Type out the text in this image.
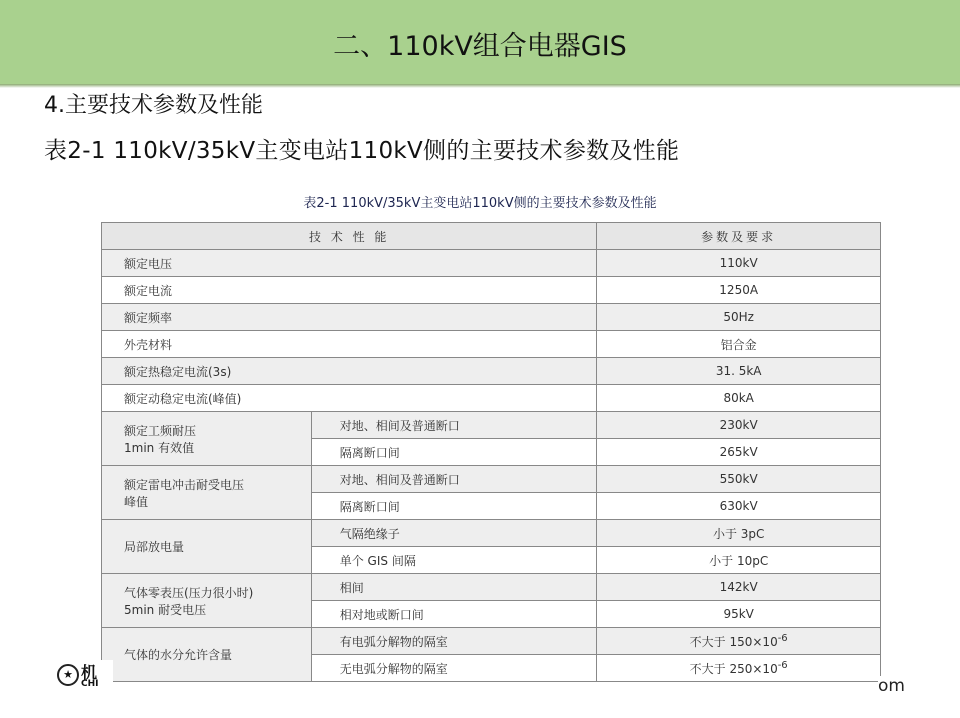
二、110kV组合电器GIS
4.主要技术参数及性能
表2-1 110kV/35kV主变电站110kV侧的主要技术参数及性能
表2-1 110kV/35kV主变电站110kV侧的主要技术参数及性能
技 术 性 能		参数及要求
额定电压		110kV
额定电流		1250A
额定频率		50Hz
外壳材料		铝合金
额定热稳定电流(3s)		31. 5kA
额定动稳定电流(峰值)		80kA

额定工频耐压
1min 有效值	对地、相间及普通断口	230kV
	隔离断口间	265kV

额定雷电冲击耐受电压
峰值	对地、相间及普通断口	550kV
	隔离断口间	630kV

局部放电量	气隔绝缘子	小于 3pC
	单个 GIS 间隔	小于 10pC

气体零表压(压力很小时)
5min 耐受电压	相间	142kV
	相对地或断口间	95kV

气体的水分允许含量	有电弧分解物的隔室	不大于 $150\times 10^{-6}$
	无电弧分解物的隔室	不大于 $250\times 10^{-6}$
★ 机
CHI	om
